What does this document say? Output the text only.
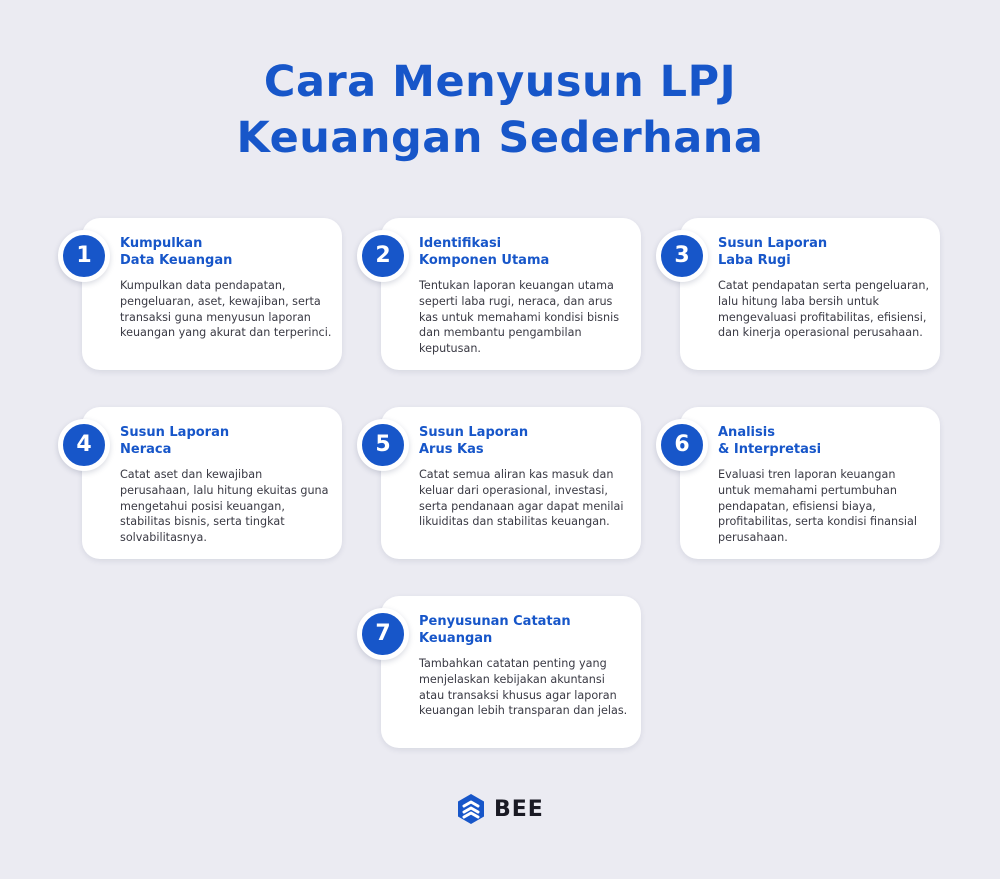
Cara Menyusun LPJ
Keuangan Sederhana
1	Kumpulkan
Data Keuangan

Kumpulkan data pendapatan, pengeluaran, aset, kewajiban, serta transaksi guna menyusun laporan keuangan yang akurat dan terperinci.

2	Identifikasi
Komponen Utama

Tentukan laporan keuangan utama seperti laba rugi, neraca, dan arus kas untuk memahami kondisi bisnis dan membantu pengambilan keputusan.

3	Susun Laporan
Laba Rugi

Catat pendapatan serta pengeluaran, lalu hitung laba bersih untuk mengevaluasi profitabilitas, efisiensi, dan kinerja operasional perusahaan.

4	Susun Laporan
Neraca

Catat aset dan kewajiban perusahaan, lalu hitung ekuitas guna mengetahui posisi keuangan, stabilitas bisnis, serta tingkat solvabilitasnya.

5	Susun Laporan
Arus Kas

Catat semua aliran kas masuk dan keluar dari operasional, investasi, serta pendanaan agar dapat menilai likuiditas dan stabilitas keuangan.

6	Analisis
& Interpretasi

Evaluasi tren laporan keuangan untuk memahami pertumbuhan pendapatan, efisiensi biaya, profitabilitas, serta kondisi finansial perusahaan.

7	Penyusunan Catatan
Keuangan

Tambahkan catatan penting yang menjelaskan kebijakan akuntansi atau transaksi khusus agar laporan keuangan lebih transparan dan jelas.

BEE
